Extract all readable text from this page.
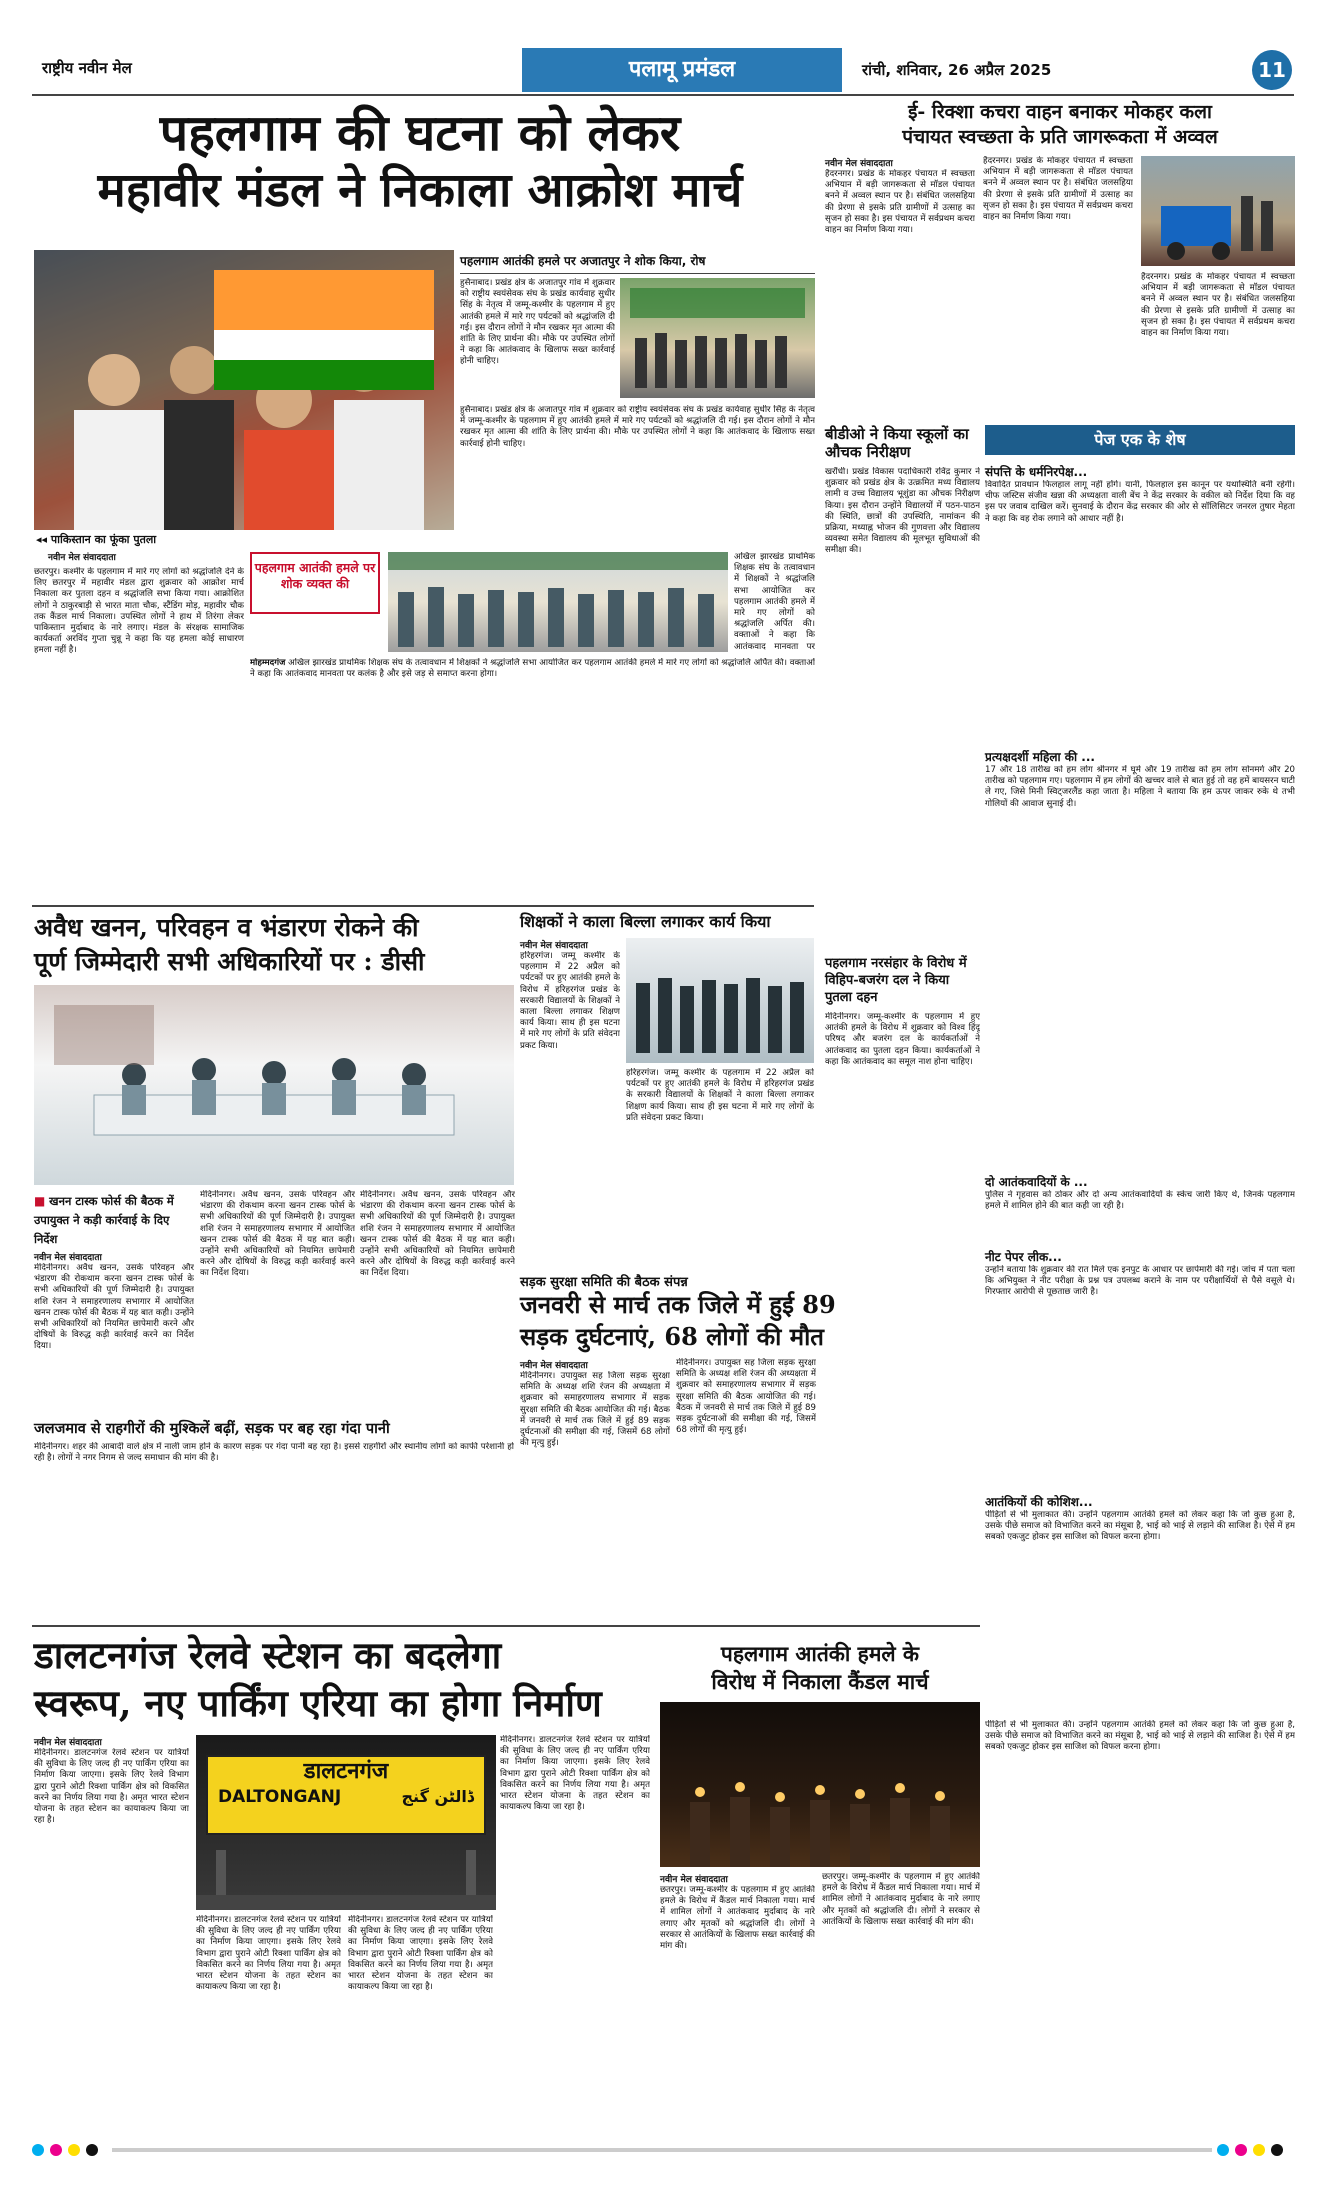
राष्ट्रीय नवीन मेल	पलामू प्रमंडल	रांची, शनिवार, 26 अप्रैल 2025	11
पहलगाम की घटना को लेकर
महावीर मंडल ने निकाला आक्रोश मार्च
◂◂ पाकिस्तान का फूंका पुतला
पहलगाम आतंकी हमले पर अजातपुर ने शोक किया, रोष
हुसैनाबाद। प्रखंड क्षेत्र के अजातपुर गांव में शुक्रवार को राष्ट्रीय स्वयंसेवक संघ के प्रखंड कार्यवाह सुधीर सिंह के नेतृत्व में जम्मू-कश्मीर के पहलगाम में हुए आतंकी हमले में मारे गए पर्यटकों को श्रद्धांजलि दी गई। इस दौरान लोगों ने मौन रखकर मृत आत्मा की शांति के लिए प्रार्थना की। मौके पर उपस्थित लोगों ने कहा कि आतंकवाद के खिलाफ सख्त कार्रवाई होनी चाहिए।
हुसैनाबाद। प्रखंड क्षेत्र के अजातपुर गांव में शुक्रवार को राष्ट्रीय स्वयंसेवक संघ के प्रखंड कार्यवाह सुधीर सिंह के नेतृत्व में जम्मू-कश्मीर के पहलगाम में हुए आतंकी हमले में मारे गए पर्यटकों को श्रद्धांजलि दी गई। इस दौरान लोगों ने मौन रखकर मृत आत्मा की शांति के लिए प्रार्थना की। मौके पर उपस्थित लोगों ने कहा कि आतंकवाद के खिलाफ सख्त कार्रवाई होनी चाहिए।
नवीन मेल संवाददाता
छतरपुर। कश्मीर के पहलगाम में मारे गए लोगों को श्रद्धांजलि देने के लिए छतरपुर में महावीर मंडल द्वारा शुक्रवार को आक्रोश मार्च निकाला कर पुतला दहन व श्रद्धांजलि सभा किया गया। आक्रोशित लोगों ने ठाकुरबाड़ी से भारत माता चौक, स्टैंडिंग मोड़, महावीर चौक तक कैंडल मार्च निकाला। उपस्थित लोगों ने हाथ में तिरंगा लेकर पाकिस्तान मुर्दाबाद के नारे लगाए। मंडल के संरक्षक सामाजिक कार्यकर्ता अरविंद गुप्ता चुन्नू ने कहा कि यह हमला कोई साधारण हमला नहीं है।
पहलगाम आतंकी हमले पर शोक व्यक्त की
अखिल झारखंड प्राथमिक शिक्षक संघ के तत्वावधान में शिक्षकों ने श्रद्धांजलि सभा आयोजित कर पहलगाम आतंकी हमले में मारे गए लोगों को श्रद्धांजलि अर्पित की। वक्ताओं ने कहा कि आतंकवाद मानवता पर
मोहम्मदगंज अखिल झारखंड प्राथमिक शिक्षक संघ के तत्वावधान में शिक्षकों ने श्रद्धांजलि सभा आयोजित कर पहलगाम आतंकी हमले में मारे गए लोगों को श्रद्धांजलि अर्पित की। वक्ताओं ने कहा कि आतंकवाद मानवता पर कलंक है और इसे जड़ से समाप्त करना होगा।
ई- रिक्शा कचरा वाहन बनाकर मोकहर कला
पंचायत स्वच्छता के प्रति जागरूकता में अव्वल
नवीन मेल संवाददाता
हैदरनगर। प्रखंड के मोकहर पंचायत में स्वच्छता अभियान में बड़ी जागरूकता से मॉडल पंचायत बनने में अव्वल स्थान पर है। संबंधित जलसहिया की प्रेरणा से इसके प्रति ग्रामीणों में उत्साह का सृजन हो सका है। इस पंचायत में सर्वप्रथम कचरा वाहन का निर्माण किया गया।
हैदरनगर। प्रखंड के मोकहर पंचायत में स्वच्छता अभियान में बड़ी जागरूकता से मॉडल पंचायत बनने में अव्वल स्थान पर है। संबंधित जलसहिया की प्रेरणा से इसके प्रति ग्रामीणों में उत्साह का सृजन हो सका है। इस पंचायत में सर्वप्रथम कचरा वाहन का निर्माण किया गया।
हैदरनगर। प्रखंड के मोकहर पंचायत में स्वच्छता अभियान में बड़ी जागरूकता से मॉडल पंचायत बनने में अव्वल स्थान पर है। संबंधित जलसहिया की प्रेरणा से इसके प्रति ग्रामीणों में उत्साह का सृजन हो सका है। इस पंचायत में सर्वप्रथम कचरा वाहन का निर्माण किया गया।
बीडीओ ने किया स्कूलों का औचक निरीक्षण
खरौंधी। प्रखंड विकास पदाधिकारी रविंद्र कुमार ने शुक्रवार को प्रखंड क्षेत्र के उत्क्रमित मध्य विद्यालय लामी व उच्च विद्यालय भूशुंडा का औचक निरीक्षण किया। इस दौरान उन्होंने विद्यालयों में पठन-पाठन की स्थिति, छात्रों की उपस्थिति, नामांकन की प्रक्रिया, मध्याह्न भोजन की गुणवत्ता और विद्यालय व्यवस्था समेत विद्यालय की मूलभूत सुविधाओं की समीक्षा की।
पेज एक के शेष
संपत्ति के धर्मनिरपेक्ष...
विवादित प्रावधान फिलहाल लागू नहीं होंगे। यानी, फिलहाल इस कानून पर यथास्थिति बनी रहेगी। चीफ जस्टिस संजीव खन्ना की अध्यक्षता वाली बेंच ने केंद्र सरकार के वकील को निर्देश दिया कि वह इस पर जवाब दाखिल करें। सुनवाई के दौरान केंद्र सरकार की ओर से सॉलिसिटर जनरल तुषार मेहता ने कहा कि वह रोक लगाने को आधार नहीं है।
प्रत्यक्षदर्शी महिला की ...
17 और 18 तारीख को हम लोग श्रीनगर में घूमे और 19 तारीख को हम लोग सोनमर्ग और 20 तारीख को पहलगाम गए। पहलगाम में हम लोगों की खच्चर वाले से बात हुई तो वह हमें बायसरन घाटी ले गए, जिसे मिनी स्विट्जरलैंड कहा जाता है। महिला ने बताया कि हम ऊपर जाकर रुके थे तभी गोलियों की आवाज सुनाई दी।
दो आतंकवादियों के ...
पुलिस ने गृहवास को ठोकर और दो अन्य आतंकवादियों के स्केच जारी किए थे, जिनके पहलगाम हमले में शामिल होने की बात कही जा रही है।
नीट पेपर लीक...
उन्होंने बताया कि शुक्रवार की रात मिले एक इनपुट के आधार पर छापेमारी की गई। जांच में पता चला कि अभियुक्त ने नीट परीक्षा के प्रश्न पत्र उपलब्ध कराने के नाम पर परीक्षार्थियों से पैसे वसूले थे। गिरफ्तार आरोपी से पूछताछ जारी है।
आतंकियों की कोशिश...
पीड़ितों से भी मुलाकात की। उन्होंने पहलगाम आतंकी हमले को लेकर कहा कि जो कुछ हुआ है, उसके पीछे समाज को विभाजित करने का मंसूबा है, भाई को भाई से लड़ाने की साजिश है। ऐसे में हम सबको एकजुट होकर इस साजिश को विफल करना होगा।
पीड़ितों से भी मुलाकात की। उन्होंने पहलगाम आतंकी हमले को लेकर कहा कि जो कुछ हुआ है, उसके पीछे समाज को विभाजित करने का मंसूबा है, भाई को भाई से लड़ाने की साजिश है। ऐसे में हम सबको एकजुट होकर इस साजिश को विफल करना होगा।
अवैध खनन, परिवहन व भंडारण रोकने की
पूर्ण जिम्मेदारी सभी अधिकारियों पर : डीसी
■ खनन टास्क फोर्स की बैठक में उपायुक्त ने कड़ी कार्रवाई के दिए निर्देश
नवीन मेल संवाददाता
मेदिनीनगर। अवैध खनन, उसके परिवहन और भंडारण की रोकथाम करना खनन टास्क फोर्स के सभी अधिकारियों की पूर्ण जिम्मेदारी है। उपायुक्त शशि रंजन ने समाहरणालय सभागार में आयोजित खनन टास्क फोर्स की बैठक में यह बात कही। उन्होंने सभी अधिकारियों को नियमित छापेमारी करने और दोषियों के विरुद्ध कड़ी कार्रवाई करने का निर्देश दिया।
मेदिनीनगर। अवैध खनन, उसके परिवहन और भंडारण की रोकथाम करना खनन टास्क फोर्स के सभी अधिकारियों की पूर्ण जिम्मेदारी है। उपायुक्त शशि रंजन ने समाहरणालय सभागार में आयोजित खनन टास्क फोर्स की बैठक में यह बात कही। उन्होंने सभी अधिकारियों को नियमित छापेमारी करने और दोषियों के विरुद्ध कड़ी कार्रवाई करने का निर्देश दिया।
मेदिनीनगर। अवैध खनन, उसके परिवहन और भंडारण की रोकथाम करना खनन टास्क फोर्स के सभी अधिकारियों की पूर्ण जिम्मेदारी है। उपायुक्त शशि रंजन ने समाहरणालय सभागार में आयोजित खनन टास्क फोर्स की बैठक में यह बात कही। उन्होंने सभी अधिकारियों को नियमित छापेमारी करने और दोषियों के विरुद्ध कड़ी कार्रवाई करने का निर्देश दिया।
जलजमाव से राहगीरों की मुश्किलें बढ़ीं, सड़क पर बह रहा गंदा पानी
मेदिनीनगर। शहर की आबादी वाले क्षेत्र में नाली जाम होने के कारण सड़क पर गंदा पानी बह रहा है। इससे राहगीरों और स्थानीय लोगों को काफी परेशानी हो रही है। लोगों ने नगर निगम से जल्द समाधान की मांग की है।
शिक्षकों ने काला बिल्ला लगाकर कार्य किया
नवीन मेल संवाददाता
हरिहरगंज। जम्मू कश्मीर के पहलगाम में 22 अप्रैल को पर्यटकों पर हुए आतंकी हमले के विरोध में हरिहरगंज प्रखंड के सरकारी विद्यालयों के शिक्षकों ने काला बिल्ला लगाकर शिक्षण कार्य किया। साथ ही इस घटना में मारे गए लोगों के प्रति संवेदना प्रकट किया।
हरिहरगंज। जम्मू कश्मीर के पहलगाम में 22 अप्रैल को पर्यटकों पर हुए आतंकी हमले के विरोध में हरिहरगंज प्रखंड के सरकारी विद्यालयों के शिक्षकों ने काला बिल्ला लगाकर शिक्षण कार्य किया। साथ ही इस घटना में मारे गए लोगों के प्रति संवेदना प्रकट किया।
पहलगाम नरसंहार के विरोध में विहिप-बजरंग दल ने किया पुतला दहन
मेदिनीनगर। जम्मू-कश्मीर के पहलगाम में हुए आतंकी हमले के विरोध में शुक्रवार को विश्व हिंदू परिषद और बजरंग दल के कार्यकर्ताओं ने आतंकवाद का पुतला दहन किया। कार्यकर्ताओं ने कहा कि आतंकवाद का समूल नाश होना चाहिए।
सड़क सुरक्षा समिति की बैठक संपन्न
जनवरी से मार्च तक जिले में हुई 89
सड़क दुर्घटनाएं, 68 लोगों की मौत
नवीन मेल संवाददाता
मेदिनीनगर। उपायुक्त सह जिला सड़क सुरक्षा समिति के अध्यक्ष शशि रंजन की अध्यक्षता में शुक्रवार को समाहरणालय सभागार में सड़क सुरक्षा समिति की बैठक आयोजित की गई। बैठक में जनवरी से मार्च तक जिले में हुई 89 सड़क दुर्घटनाओं की समीक्षा की गई, जिसमें 68 लोगों की मृत्यु हुई।
मेदिनीनगर। उपायुक्त सह जिला सड़क सुरक्षा समिति के अध्यक्ष शशि रंजन की अध्यक्षता में शुक्रवार को समाहरणालय सभागार में सड़क सुरक्षा समिति की बैठक आयोजित की गई। बैठक में जनवरी से मार्च तक जिले में हुई 89 सड़क दुर्घटनाओं की समीक्षा की गई, जिसमें 68 लोगों की मृत्यु हुई।
डालटनगंज रेलवे स्टेशन का बदलेगा
स्वरूप, नए पार्किंग एरिया का होगा निर्माण
नवीन मेल संवाददाता
मेदिनीनगर। डालटनगंज रेलवे स्टेशन पर यात्रियों की सुविधा के लिए जल्द ही नए पार्किंग एरिया का निर्माण किया जाएगा। इसके लिए रेलवे विभाग द्वारा पुराने ओटी रिक्शा पार्किंग क्षेत्र को विकसित करने का निर्णय लिया गया है। अमृत भारत स्टेशन योजना के तहत स्टेशन का कायाकल्प किया जा रहा है।
डालटनगंज
DALTONGANJ	ڈالٹن گنج
मेदिनीनगर। डालटनगंज रेलवे स्टेशन पर यात्रियों की सुविधा के लिए जल्द ही नए पार्किंग एरिया का निर्माण किया जाएगा। इसके लिए रेलवे विभाग द्वारा पुराने ओटी रिक्शा पार्किंग क्षेत्र को विकसित करने का निर्णय लिया गया है। अमृत भारत स्टेशन योजना के तहत स्टेशन का कायाकल्प किया जा रहा है।
मेदिनीनगर। डालटनगंज रेलवे स्टेशन पर यात्रियों की सुविधा के लिए जल्द ही नए पार्किंग एरिया का निर्माण किया जाएगा। इसके लिए रेलवे विभाग द्वारा पुराने ओटी रिक्शा पार्किंग क्षेत्र को विकसित करने का निर्णय लिया गया है। अमृत भारत स्टेशन योजना के तहत स्टेशन का कायाकल्प किया जा रहा है।
मेदिनीनगर। डालटनगंज रेलवे स्टेशन पर यात्रियों की सुविधा के लिए जल्द ही नए पार्किंग एरिया का निर्माण किया जाएगा। इसके लिए रेलवे विभाग द्वारा पुराने ओटी रिक्शा पार्किंग क्षेत्र को विकसित करने का निर्णय लिया गया है। अमृत भारत स्टेशन योजना के तहत स्टेशन का कायाकल्प किया जा रहा है।
पहलगाम आतंकी हमले के
विरोध में निकाला कैंडल मार्च
नवीन मेल संवाददाता
छतरपुर। जम्मू-कश्मीर के पहलगाम में हुए आतंकी हमले के विरोध में कैंडल मार्च निकाला गया। मार्च में शामिल लोगों ने आतंकवाद मुर्दाबाद के नारे लगाए और मृतकों को श्रद्धांजलि दी। लोगों ने सरकार से आतंकियों के खिलाफ सख्त कार्रवाई की मांग की।
छतरपुर। जम्मू-कश्मीर के पहलगाम में हुए आतंकी हमले के विरोध में कैंडल मार्च निकाला गया। मार्च में शामिल लोगों ने आतंकवाद मुर्दाबाद के नारे लगाए और मृतकों को श्रद्धांजलि दी। लोगों ने सरकार से आतंकियों के खिलाफ सख्त कार्रवाई की मांग की।
